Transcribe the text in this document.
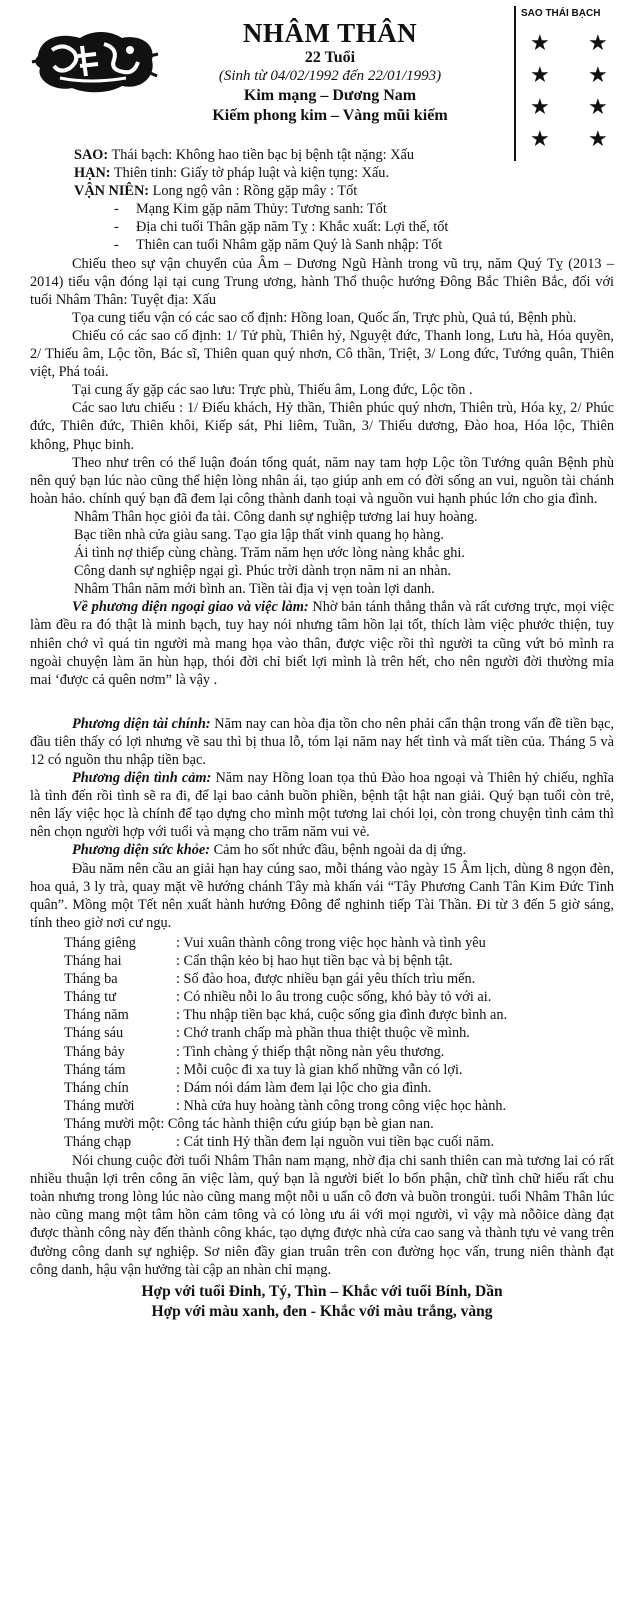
NHÂM THÂN
22 Tuổi
(Sinh từ 04/02/1992 đến 22/01/1993)
Kim mạng – Dương Nam
Kiếm phong kim – Vàng mũi kiếm
SAO THÁI BẠCH
★ ★
★ ★
★ ★
★ ★

SAO: Thái bạch: Không hao tiền bạc bị bệnh tật nặng: Xấu

HẠN: Thiên tinh: Giấy tờ pháp luật và kiện tụng: Xấu.

VẬN NIÊN: Long ngộ vân : Rồng gặp mây : Tốt

- Mạng Kim gặp năm Thủy: Tương sanh: Tốt

- Địa chi tuổi Thân gặp năm Tỵ : Khắc xuất: Lợi thế, tốt

- Thiên can tuổi Nhâm gặp năm Quý là Sanh nhập: Tốt

Chiếu theo sự vận chuyển của Âm – Dương Ngũ Hành trong vũ trụ, năm Quý Tỵ (2013 – 2014) tiểu vận đóng lại tại cung Trung ương, hành Thổ thuộc hướng Đông Bắc Thiên Bắc, đối với tuổi Nhâm Thân: Tuyệt địa: Xấu

Tọa cung tiểu vận có các sao cố định: Hồng loan, Quốc ấn, Trực phù, Quả tú, Bệnh phù.

Chiếu có các sao cố định: 1/ Tử phù, Thiên hỷ, Nguyệt đức, Thanh long, Lưu hà, Hóa quyền, 2/ Thiếu âm, Lộc tồn, Bác sĩ, Thiên quan quý nhơn, Cô thần, Triệt, 3/ Long đức, Tướng quân, Thiên việt, Phá toái.

Tại cung ấy gặp các sao lưu: Trực phù, Thiếu âm, Long đức, Lộc tồn .

Các sao lưu chiếu : 1/ Điếu khách, Hỷ thần, Thiên phúc quý nhơn, Thiên trù, Hóa kỵ, 2/ Phúc đức, Thiên đức, Thiên khôi, Kiếp sát, Phi liêm, Tuần, 3/ Thiếu dương, Đào hoa, Hóa lộc, Thiên không, Phục binh.

Theo như trên có thể luận đoán tổng quát, năm nay tam hợp Lộc tồn Tướng quân Bệnh phù nên quý bạn lúc nào cũng thể hiện lòng nhân ái, tạo giúp anh em có đời sống an vui, nguồn tài chánh hoàn hảo. chính quý bạn đã đem lại công thành danh toại và nguồn vui hạnh phúc lớn cho gia đình.

Nhâm Thân học giỏi đa tài. Công danh sự nghiệp tương lai huy hoàng.

Bạc tiền nhà cửa giàu sang. Tạo gia lập thất vinh quang họ hàng.

Ái tình nợ thiếp cùng chàng. Trăm năm hẹn ước lòng nàng khắc ghi.

Công danh sự nghiệp ngại gì. Phúc trời dành trọn năm ni an nhàn.

Nhâm Thân năm mới bình an. Tiền tài địa vị vẹn toàn lợi danh.

Về phương diện ngoại giao và việc làm: Nhờ bản tánh thẳng thắn và rất cương trực, mọi việc làm đều ra đó thật là minh bạch, tuy hay nói nhưng tâm hồn lại tốt, thích làm việc phước thiện, tuy nhiên chớ vì quá tin người mà mang họa vào thân, được việc rồi thì người ta cũng vứt bỏ mình ra ngoài chuyện làm ăn hùn hạp, thói đời chỉ biết lợi mình là trên hết, cho nên người đời thường mỉa mai ‘được cả quên nơm” là vậy .

Phương diện tài chính: Năm nay can hòa địa tồn cho nên phải cẩn thận trong vấn đề tiền bạc, đầu tiên thấy có lợi nhưng về sau thì bị thua lỗ, tóm lại năm nay hết tình và mất tiền của. Tháng 5 và 12 có nguồn thu nhập tiền bạc.

Phương diện tình cảm: Năm nay Hồng loan tọa thủ Đào hoa ngoại và Thiên hỷ chiếu, nghĩa là tình đến rồi tình sẽ ra đi, để lại bao cảnh buồn phiền, bệnh tật hật nan giải. Quý bạn tuổi còn trẻ, nên lấy việc học là chính để tạo dựng cho mình một tương lai chói lọi, còn trong chuyện tình cảm thì nên chọn người hợp với tuổi và mạng cho trăm năm vui vẻ.

Phương diện sức khỏe: Cảm ho sốt nhức đầu, bệnh ngoài da dị ứng.

Đầu năm nên cầu an giải hạn hay cúng sao, mỗi tháng vào ngày 15 Âm lịch, dùng 8 ngọn đèn, hoa quả, 3 ly trà, quay mặt về hướng chánh Tây mà khấn vái “Tây Phương Canh Tân Kim Đức Tinh quân”. Mồng một Tết nên xuất hành hướng Đông để nghinh tiếp Tài Thần. Đi từ 3 đến 5 giờ sáng, tính theo giờ nơi cư ngụ.

Tháng giêng	: Vui xuân thành công trong việc học hành và tình yêu
Tháng hai	: Cẩn thận kẻo bị hao hụt tiền bạc và bị bệnh tật.
Tháng ba	: Số đào hoa, được nhiều bạn gái yêu thích trìu mến.
Tháng tư	: Có nhiều nỗi lo âu trong cuộc sống, khó bày tỏ với ai.
Tháng năm	: Thu nhập tiền bạc khá, cuộc sống gia đình được bình an.
Tháng sáu	: Chớ tranh chấp mà phần thua thiệt thuộc về mình.
Tháng bảy	: Tình chàng ý thiếp thật nồng nàn yêu thương.
Tháng tám	: Mỗi cuộc đi xa tuy là gian khổ những vẫn có lợi.
Tháng chín	: Dám nói dám làm đem lại lộc cho gia đình.
Tháng mười	: Nhà cửa huy hoàng tành công trong công việc học hành.
Tháng mười một : Công tác hành thiện cứu giúp bạn bè gian nan.
Tháng chạp	: Cát tinh Hỷ thần đem lại nguồn vui tiền bạc cuối năm.

Nói chung cuộc đời tuổi Nhâm Thân nam mạng, nhờ địa chi sanh thiên can mà tương lai có rất nhiều thuận lợi trên công ăn việc làm, quý bạn là người biết lo bổn phận, chữ tình chữ hiếu rất chu toàn nhưng trong lòng lúc nào cũng mang một nỗi u uẩn cô đơn và buồn trongủi. tuổi Nhâm Thân lúc nào cũng mang một tâm hồn cảm tông và có lòng ưu ái với mọi người, vì vậy mà nỗõice dàng đạt được thành công này đến thành công khác, tạo dựng được nhà cửa cao sang và thành tựu vẻ vang trên đường công danh sự nghiệp. Sơ niên đầy gian truân trên con đường học vấn, trung niên thành đạt công danh, hậu vận hưởng tài cập an nhàn chỉ mạng.

Hợp với tuổi Đinh, Tý, Thìn – Khắc với tuổi Bính, Dần
Hợp với màu xanh, đen - Khắc với màu trắng, vàng
